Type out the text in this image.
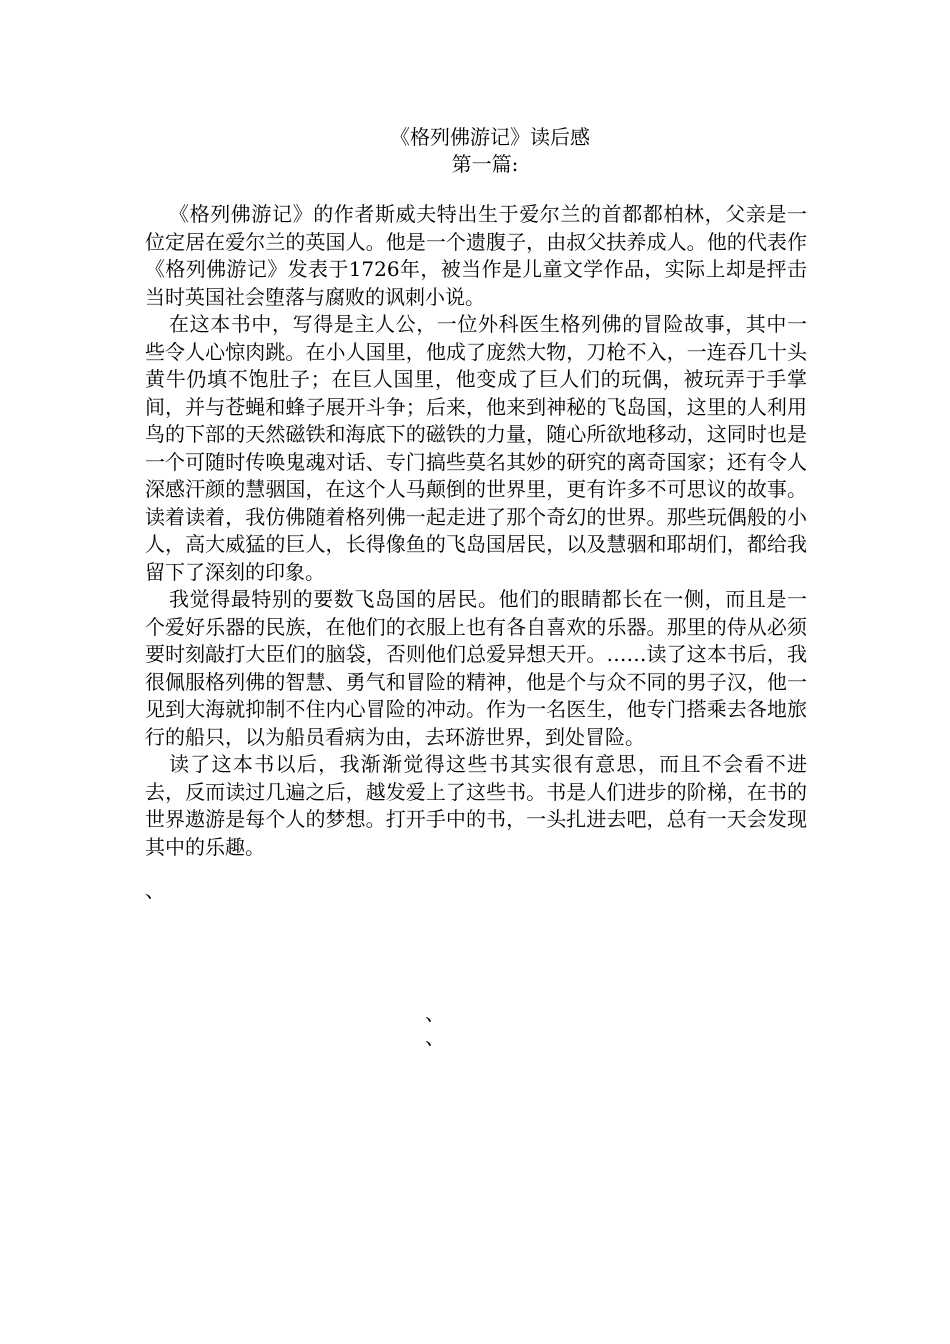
《格列佛游记》读后感
第一篇:

《格列佛游记》的作者斯威夫特出生于爱尔兰的首都都柏林，父亲是一位定居在爱尔兰的英国人。他是一个遗腹子，由叔父扶养成人。他的代表作《格列佛游记》发表于1726年，被当作是儿童文学作品，实际上却是抨击当时英国社会堕落与腐败的讽刺小说。

在这本书中，写得是主人公，一位外科医生格列佛的冒险故事，其中一些令人心惊肉跳。在小人国里，他成了庞然大物，刀枪不入，一连吞几十头黄牛仍填不饱肚子；在巨人国里，他变成了巨人们的玩偶，被玩弄于手掌间，并与苍蝇和蜂子展开斗争；后来，他来到神秘的飞岛国，这里的人利用鸟的下部的天然磁铁和海底下的磁铁的力量，随心所欲地移动，这同时也是一个可随时传唤鬼魂对话、专门搞些莫名其妙的研究的离奇国家；还有令人深感汗颜的慧骃国，在这个人马颠倒的世界里，更有许多不可思议的故事。读着读着，我仿佛随着格列佛一起走进了那个奇幻的世界。那些玩偶般的小人，高大威猛的巨人，长得像鱼的飞岛国居民，以及慧骃和耶胡们，都给我留下了深刻的印象。

我觉得最特别的要数飞岛国的居民。他们的眼睛都长在一侧，而且是一个爱好乐器的民族，在他们的衣服上也有各自喜欢的乐器。那里的侍从必须要时刻敲打大臣们的脑袋，否则他们总爱异想天开。……读了这本书后，我很佩服格列佛的智慧、勇气和冒险的精神，他是个与众不同的男子汉，他一见到大海就抑制不住内心冒险的冲动。作为一名医生，他专门搭乘去各地旅行的船只，以为船员看病为由，去环游世界，到处冒险。

读了这本书以后，我渐渐觉得这些书其实很有意思，而且不会看不进去，反而读过几遍之后，越发爱上了这些书。书是人们进步的阶梯，在书的世界遨游是每个人的梦想。打开手中的书，一头扎进去吧，总有一天会发现其中的乐趣。

、
、
、
